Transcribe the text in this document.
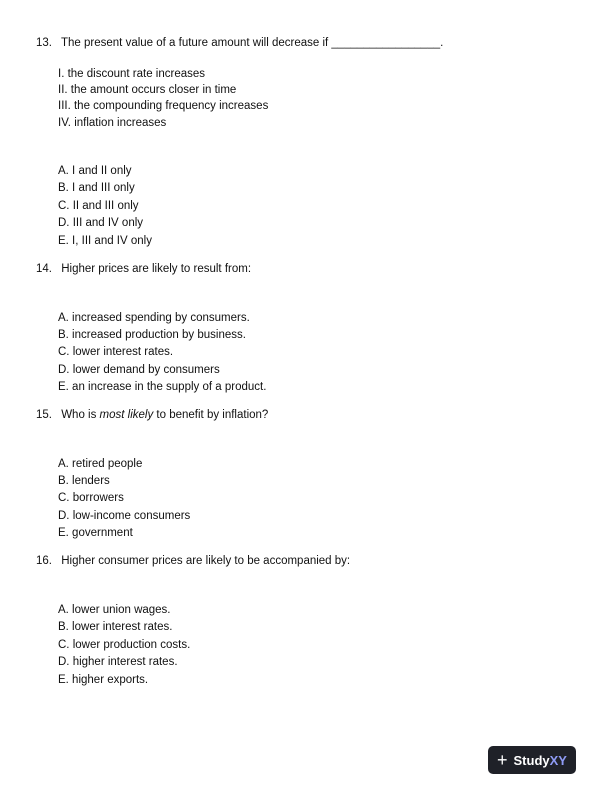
13. The present value of a future amount will decrease if _________________.
I. the discount rate increases
II. the amount occurs closer in time
III. the compounding frequency increases
IV. inflation increases
A. I and II only
B. I and III only
C. II and III only
D. III and IV only
E. I, III and IV only
14. Higher prices are likely to result from:
A. increased spending by consumers.
B. increased production by business.
C. lower interest rates.
D. lower demand by consumers
E. an increase in the supply of a product.
15. Who is most likely to benefit by inflation?
A. retired people
B. lenders
C. borrowers
D. low-income consumers
E. government
16. Higher consumer prices are likely to be accompanied by:
A. lower union wages.
B. lower interest rates.
C. lower production costs.
D. higher interest rates.
E. higher exports.
+ StudyXY
